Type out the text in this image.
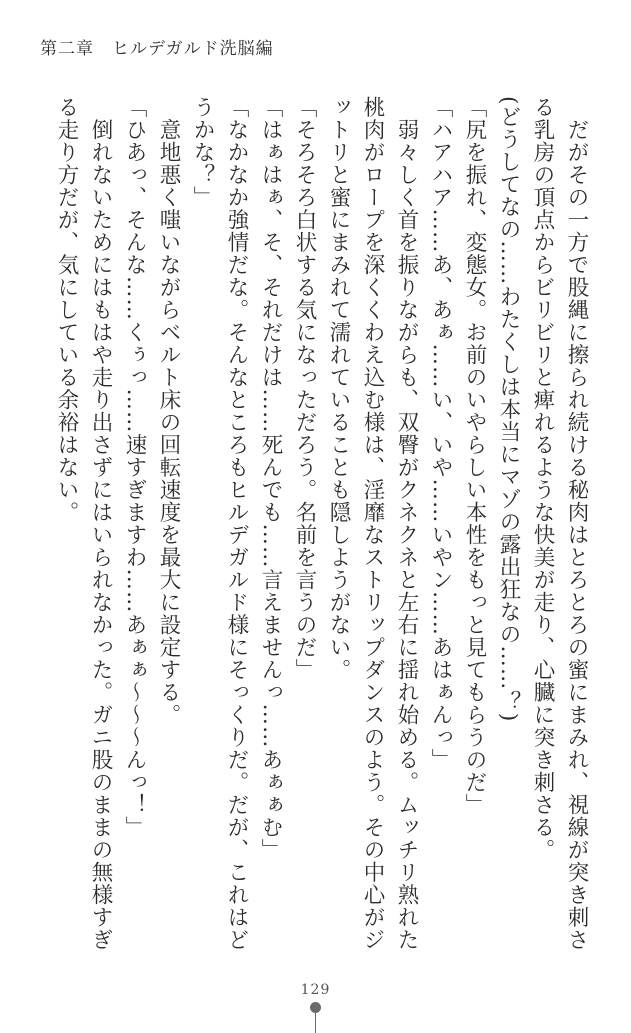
第二章　ヒルデガルド洗脳編

　だがその一方で股縄に擦られ続ける秘肉はとろとろの蜜にまみれ、視線が突き刺さる乳房の頂点からビリビリと痺れるような快美が走り、心臓に突き刺さる。

(どうしてなの……わたくしは本当にマゾの露出狂なの……？)

「尻を振れ、変態女。お前のいやらしい本性をもっと見てもらうのだ」

「ハアハア……あ、あぁ……い、いや……いやン……あはぁんっ」

　弱々しく首を振りながらも、双臀がクネクネと左右に揺れ始める。ムッチリ熟れた桃肉がロープを深くくわえ込む様は、淫靡なストリップダンスのよう。その中心がジットリと蜜にまみれて濡れていることも隠しようがない。

「そろそろ白状する気になっただろう。名前を言うのだ」

「はぁはぁ、そ、それだけは……死んでも……言えませんっ……あぁぁむ」

「なかなか強情だな。そんなところもヒルデガルド様にそっくりだ。だが、これはどうかな？」

　意地悪く嗤いながらベルト床の回転速度を最大に設定する。

「ひあっ、そんな……くぅっ……速すぎますわ……あぁぁ～～～んっ！」

　倒れないためにはもはや走り出さずにはいられなかった。ガニ股のままの無様すぎる走り方だが、気にしている余裕はない。

129
